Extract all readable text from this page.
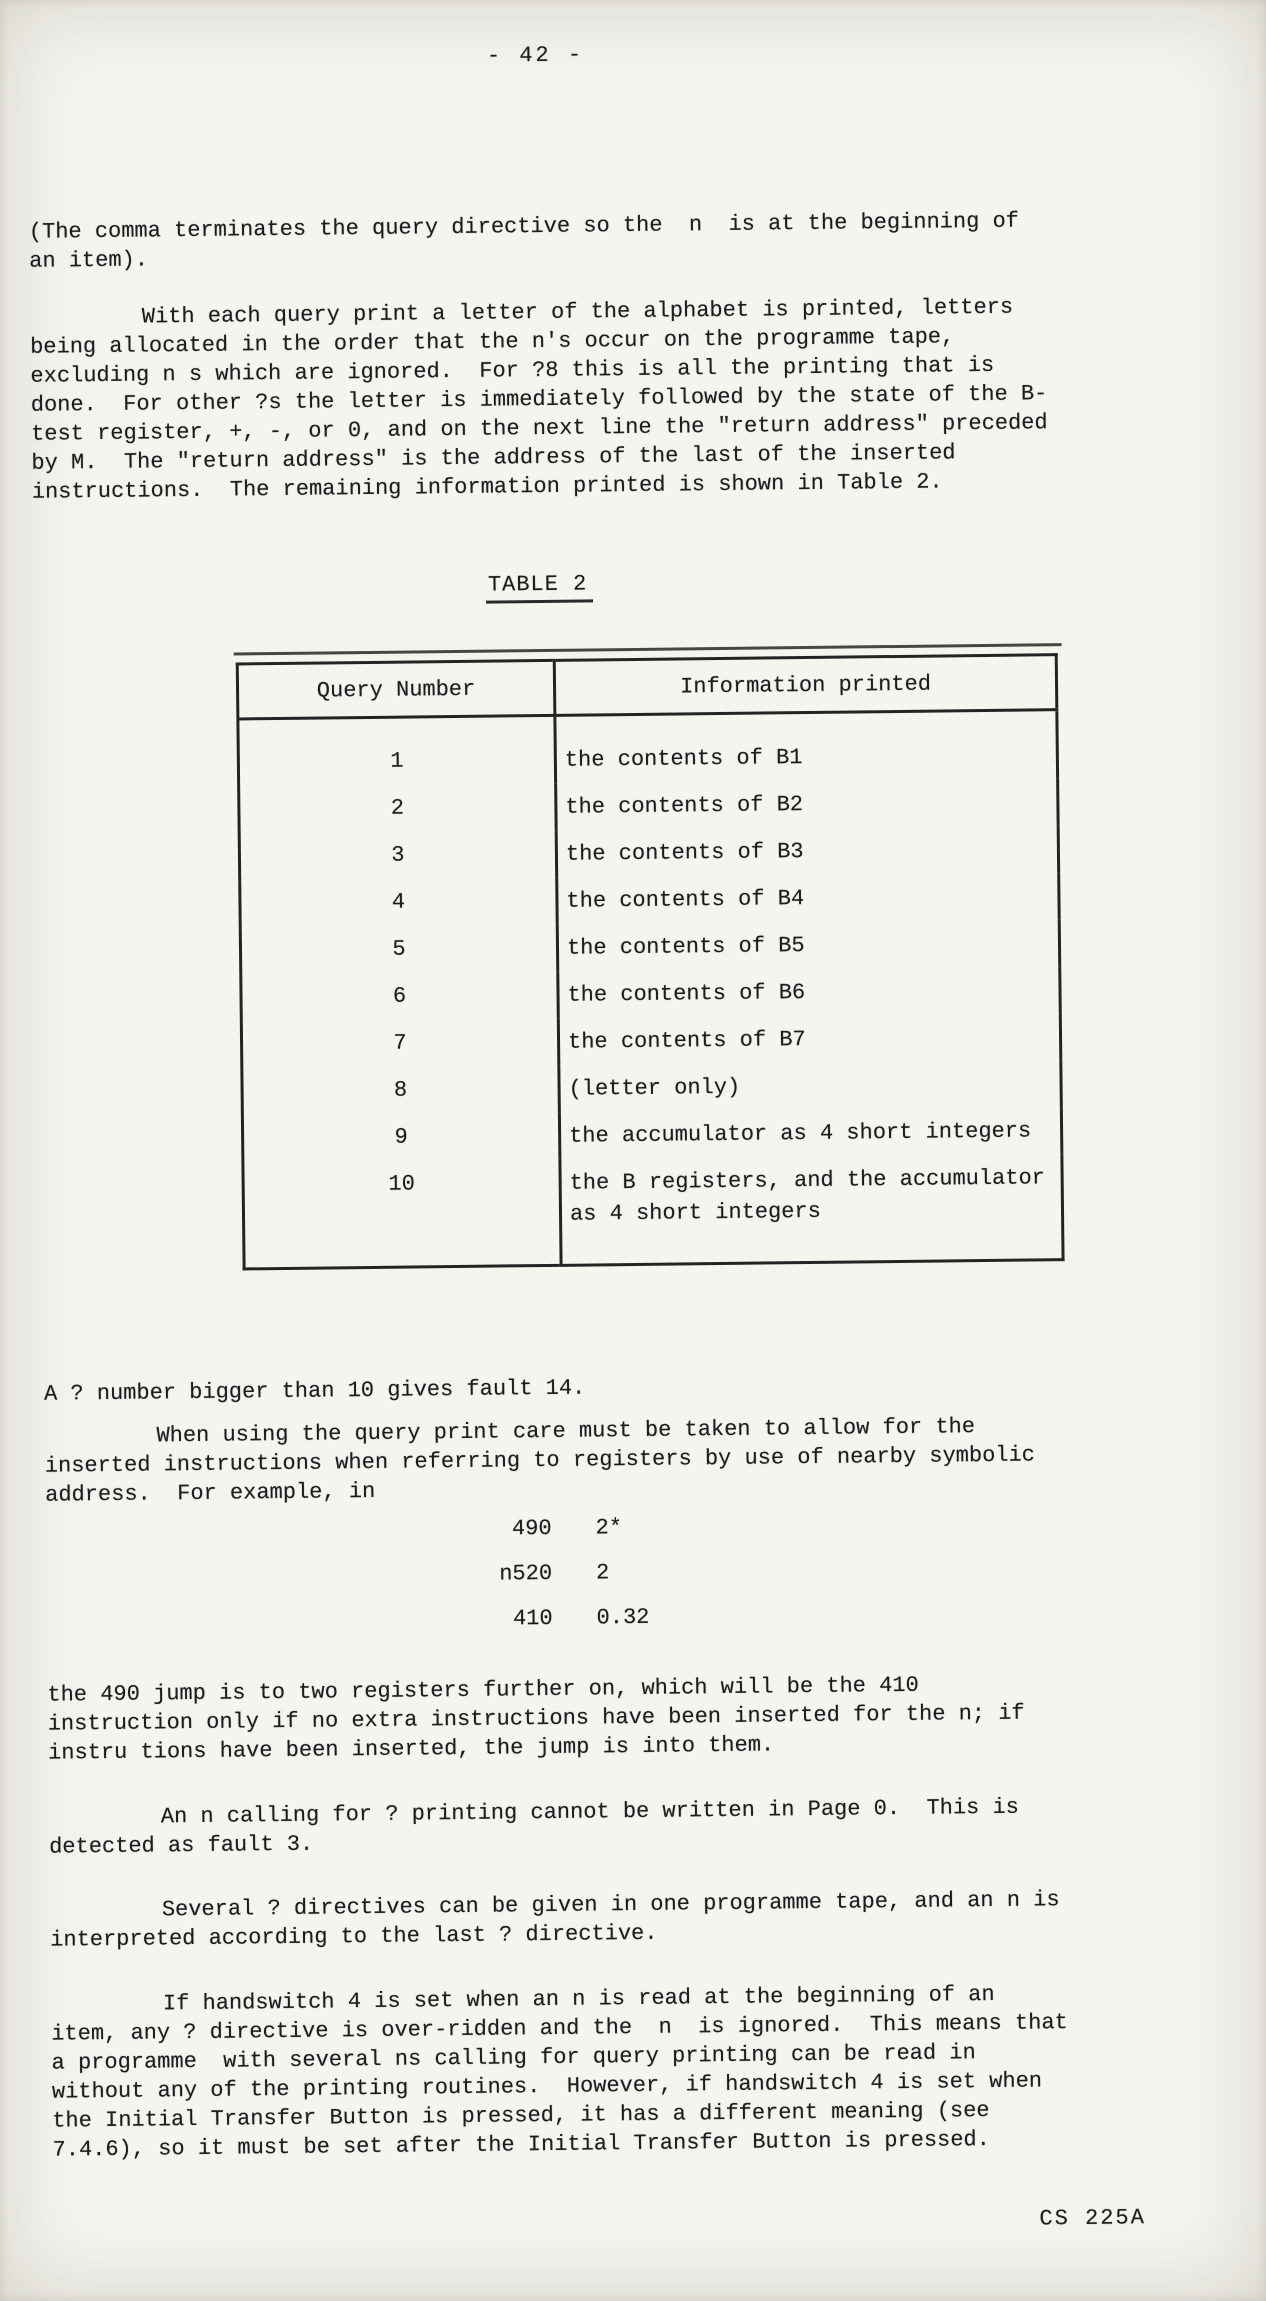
- 42 -

(The comma terminates the query directive so the  n  is at the beginning of an item).

With each query print a letter of the alphabet is printed, letters being allocated in the order that the n's occur on the programme tape, excluding n s which are ignored.  For ?8 this is all the printing that is done.  For other ?s the letter is immediately followed by the state of the B-test register, +, -, or 0, and on the next line the "return address" preceded by M.  The "return address" is the address of the last of the inserted instructions.  The remaining information printed is shown in Table 2.

TABLE 2
Query Number	Information printed
1	the contents of B1
2	the contents of B2
3	the contents of B3
4	the contents of B4
5	the contents of B5
6	the contents of B6
7	the contents of B7
8	(letter only)
9	the accumulator as 4 short integers
10	the B registers, and the accumulator as 4 short integers

A ? number bigger than 10 gives fault 14.

When using the query print care must be taken to allow for the inserted instructions when referring to registers by use of nearby symbolic address.  For example, in

490 2*
n520 2
410 0.32

the 490 jump is to two registers further on, which will be the 410 instruction only if no extra instructions have been inserted for the n; if instru tions have been inserted, the jump is into them.

An n calling for ? printing cannot be written in Page 0.  This is detected as fault 3.

Several ? directives can be given in one programme tape, and an n is interpreted according to the last ? directive.

If handswitch 4 is set when an n is read at the beginning of an item, any ? directive is over-ridden and the  n  is ignored.  This means that a programme  with several ns calling for query printing can be read in without any of the printing routines.  However, if handswitch 4 is set when the Initial Transfer Button is pressed, it has a different meaning (see 7.4.6), so it must be set after the Initial Transfer Button is pressed.

CS 225A
